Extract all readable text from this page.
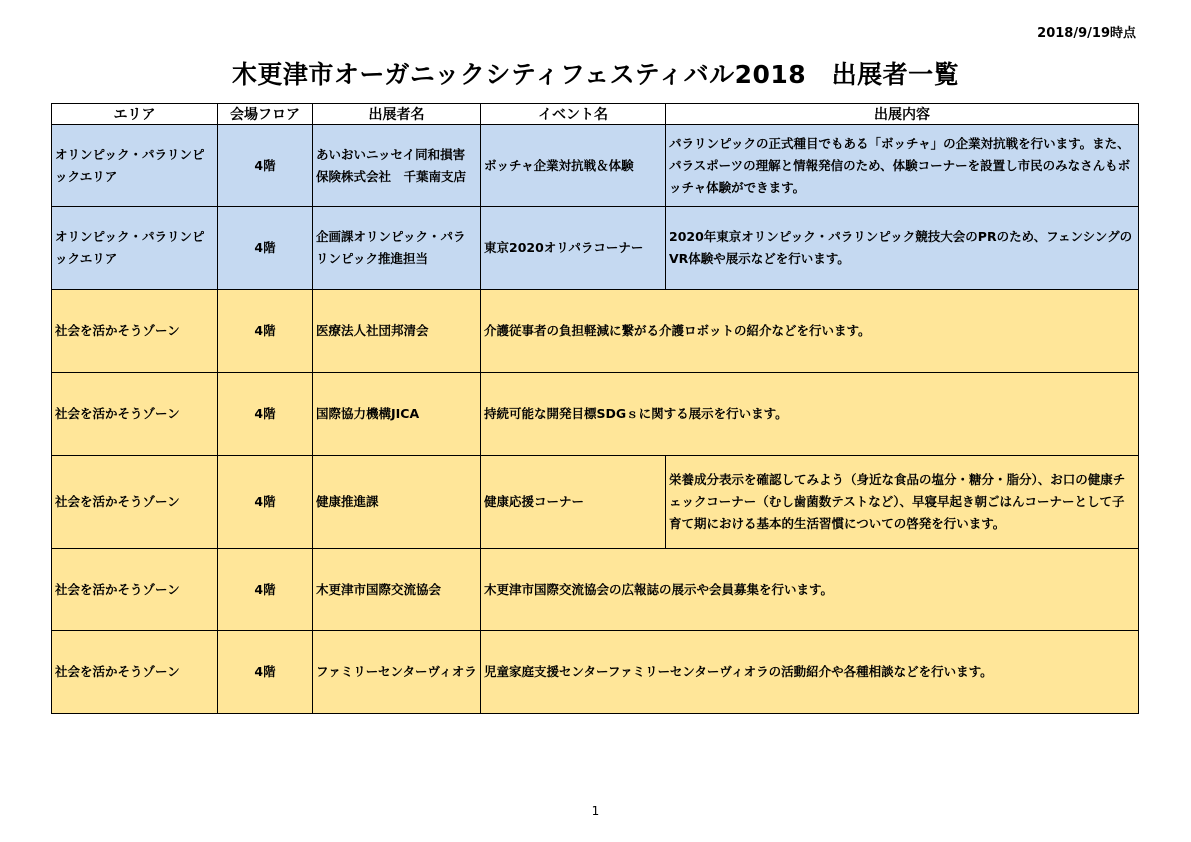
2018/9/19時点
木更津市オーガニックシティフェスティバル2018　出展者一覧
エリア	会場フロア	出展者名	イベント名	出展内容
オリンピック・パラリンピックエリア	4階	あいおいニッセイ同和損害保険株式会社　千葉南支店	ボッチャ企業対抗戦＆体験	パラリンピックの正式種目でもある「ボッチャ」の企業対抗戦を行います。また、パラスポーツの理解と情報発信のため、体験コーナーを設置し市民のみなさんもボッチャ体験ができます。
オリンピック・パラリンピックエリア	4階	企画課オリンピック・パラリンピック推進担当	東京2020オリパラコーナー	2020年東京オリンピック・パラリンピック競技大会のPRのため、フェンシングのVR体験や展示などを行います。
社会を活かそうゾーン	4階	医療法人社団邦清会	介護従事者の負担軽減に繋がる介護ロボットの紹介などを行います。	
社会を活かそうゾーン	4階	国際協力機構JICA	持続可能な開発目標SDGｓに関する展示を行います。	
社会を活かそうゾーン	4階	健康推進課	健康応援コーナー	栄養成分表示を確認してみよう（身近な食品の塩分・糖分・脂分）、お口の健康チェックコーナー（むし歯菌数テストなど）、早寝早起き朝ごはんコーナーとして子育て期における基本的生活習慣についての啓発を行います。
社会を活かそうゾーン	4階	木更津市国際交流協会	木更津市国際交流協会の広報誌の展示や会員募集を行います。	
社会を活かそうゾーン	4階	ファミリーセンターヴィオラ	児童家庭支援センターファミリーセンターヴィオラの活動紹介や各種相談などを行います。	
1
